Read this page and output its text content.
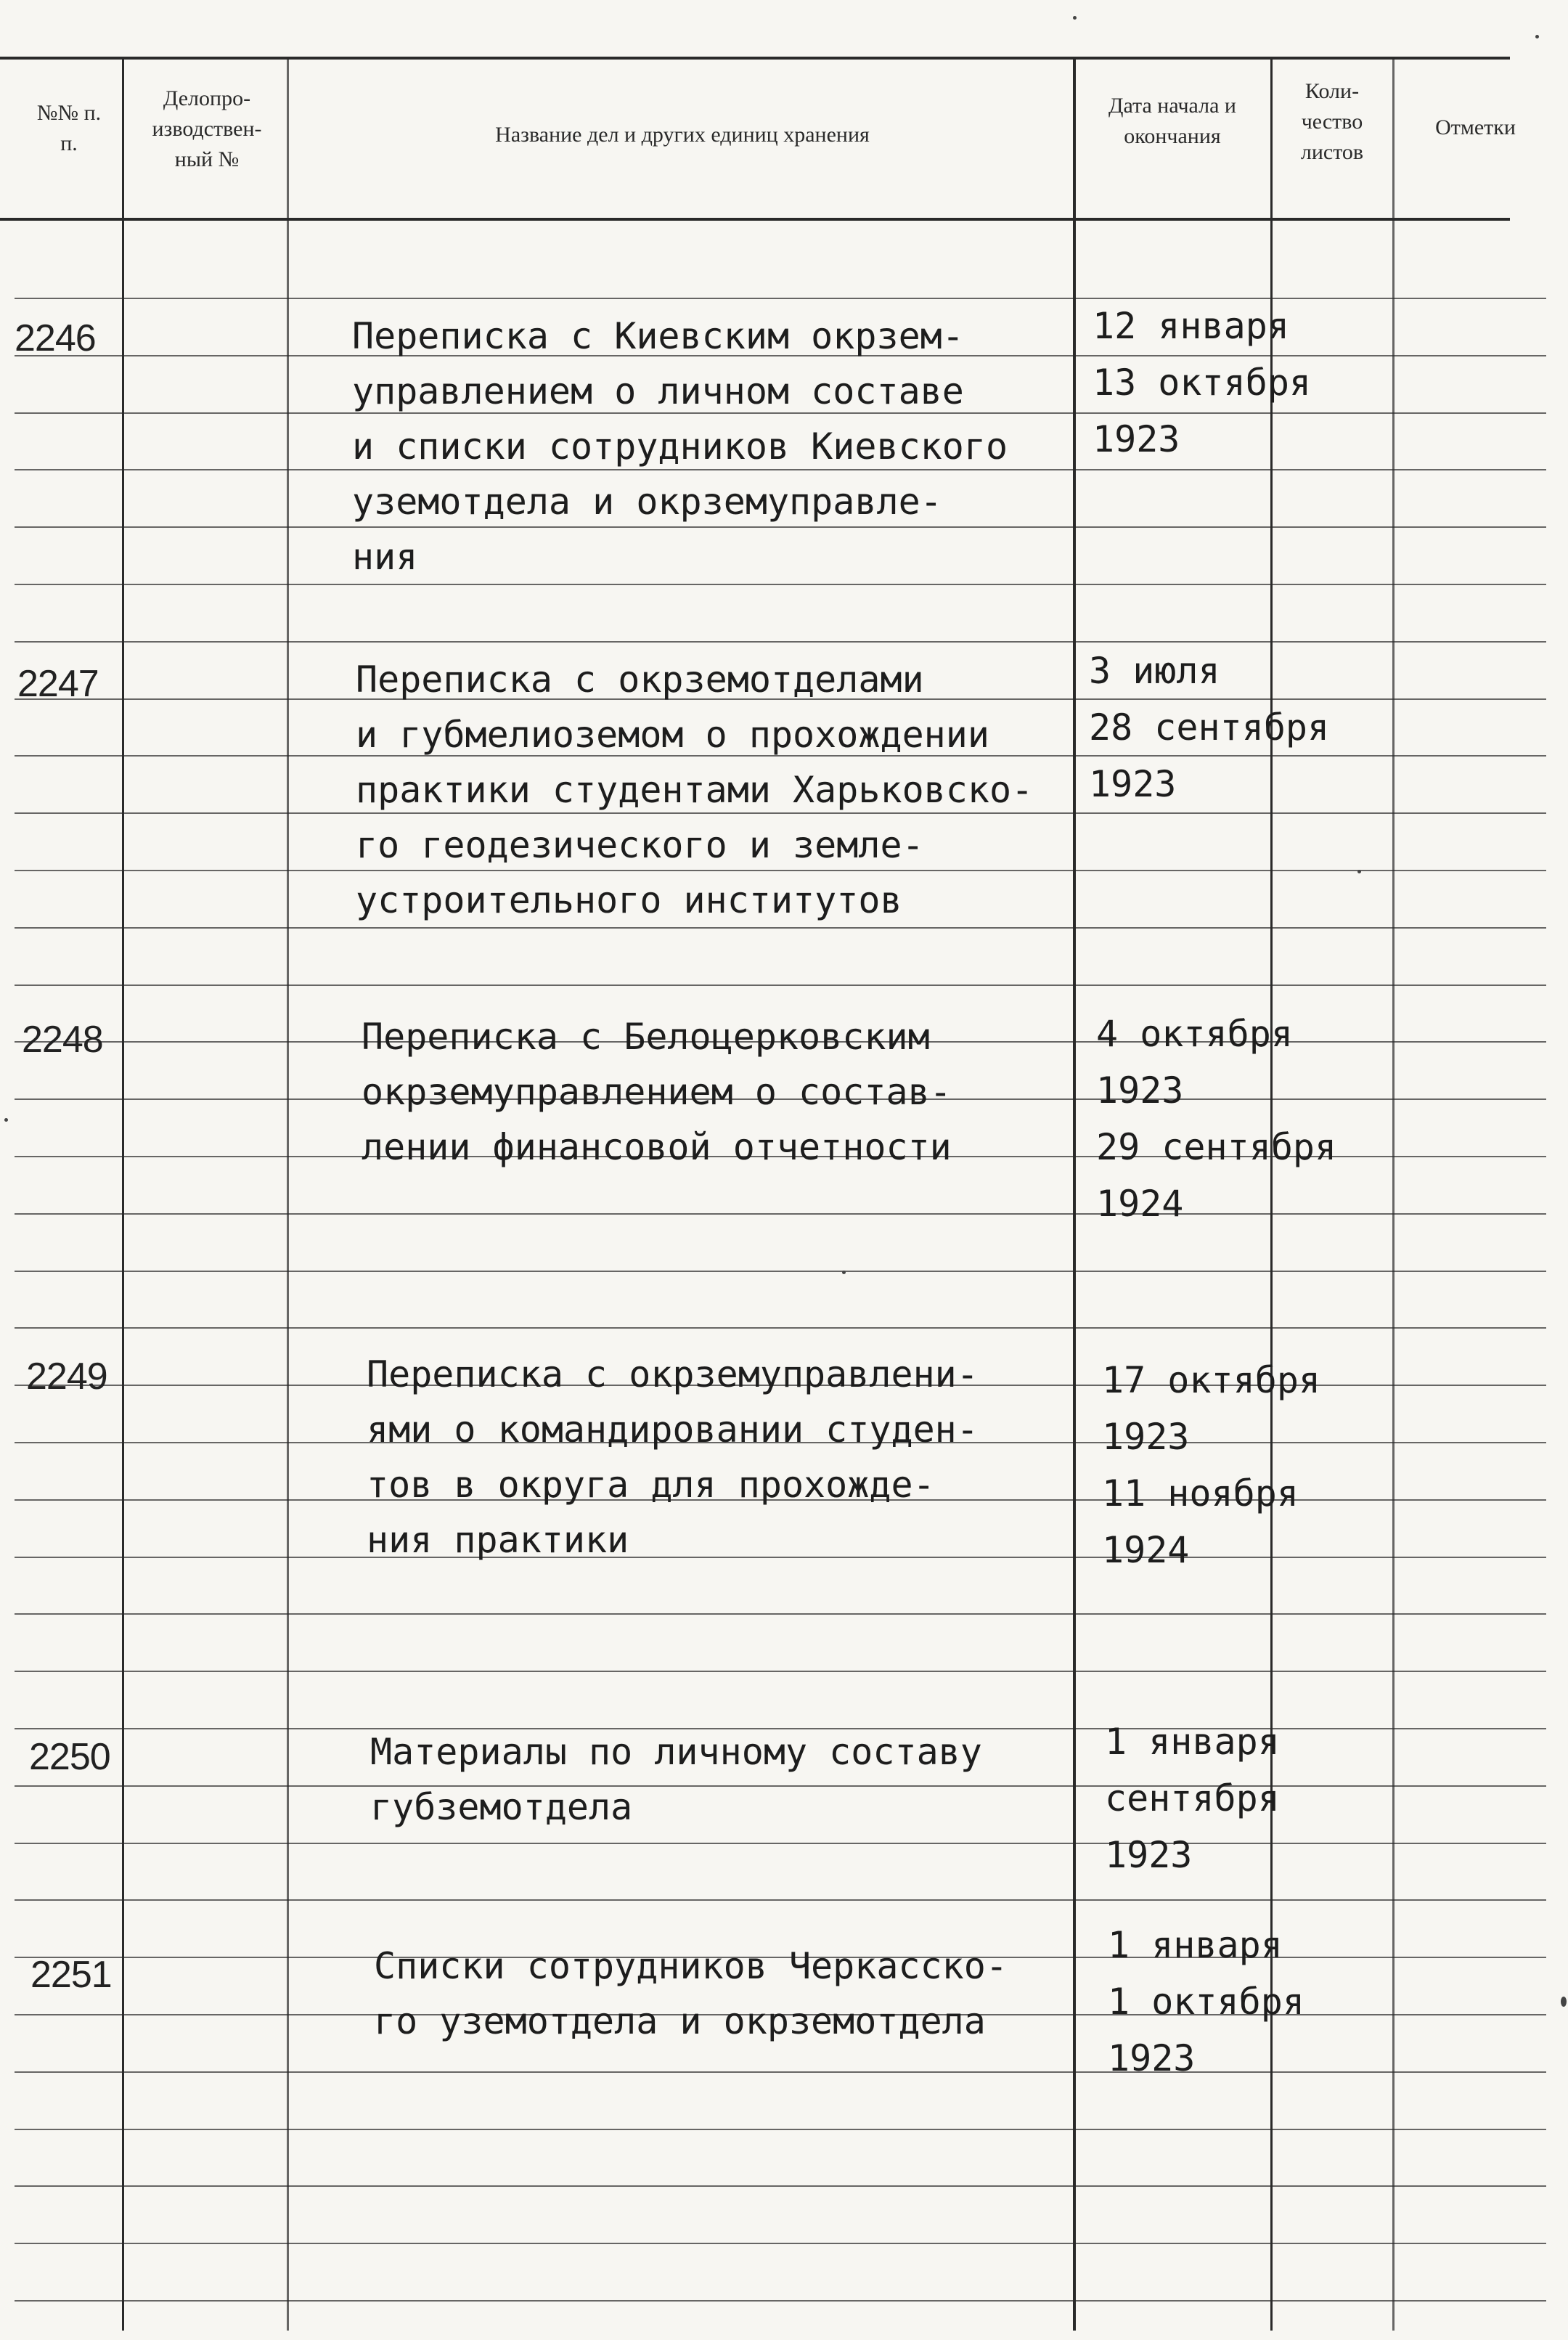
№№ п. п.
Делопро- изводствен- ный №
Название дел и других единиц хранения
Дата начала и окончания
Коли- чество листов
Отметки
2246
2247
2248
2249
2250
2251
Переписка с Киевским окрзем-
управлением о личном составе
и списки сотрудников Киевского
уземотдела и окрземуправле-
ния
Переписка с окрземотделами
и губмелиоземом о прохождении
практики студентами Харьковско-
го геодезического и земле-
устроительного институтов
Переписка с Белоцерковским
окрземуправлением о состав-
лении финансовой отчетности
Переписка с окрземуправлени-
ями о командировании студен-
тов в округа для прохожде-
ния практики
Материалы по личному составу
губземотдела
Списки сотрудников Черкасско-
го уземотдела и окрземотдела
12 января
13 октября
1923
3 июля
28 сентября
1923
4 октября
1923
29 сентября
1924
17 октября
1923
11 ноября
1924
1 января
сентября
1923
1 января
1 октября
1923
